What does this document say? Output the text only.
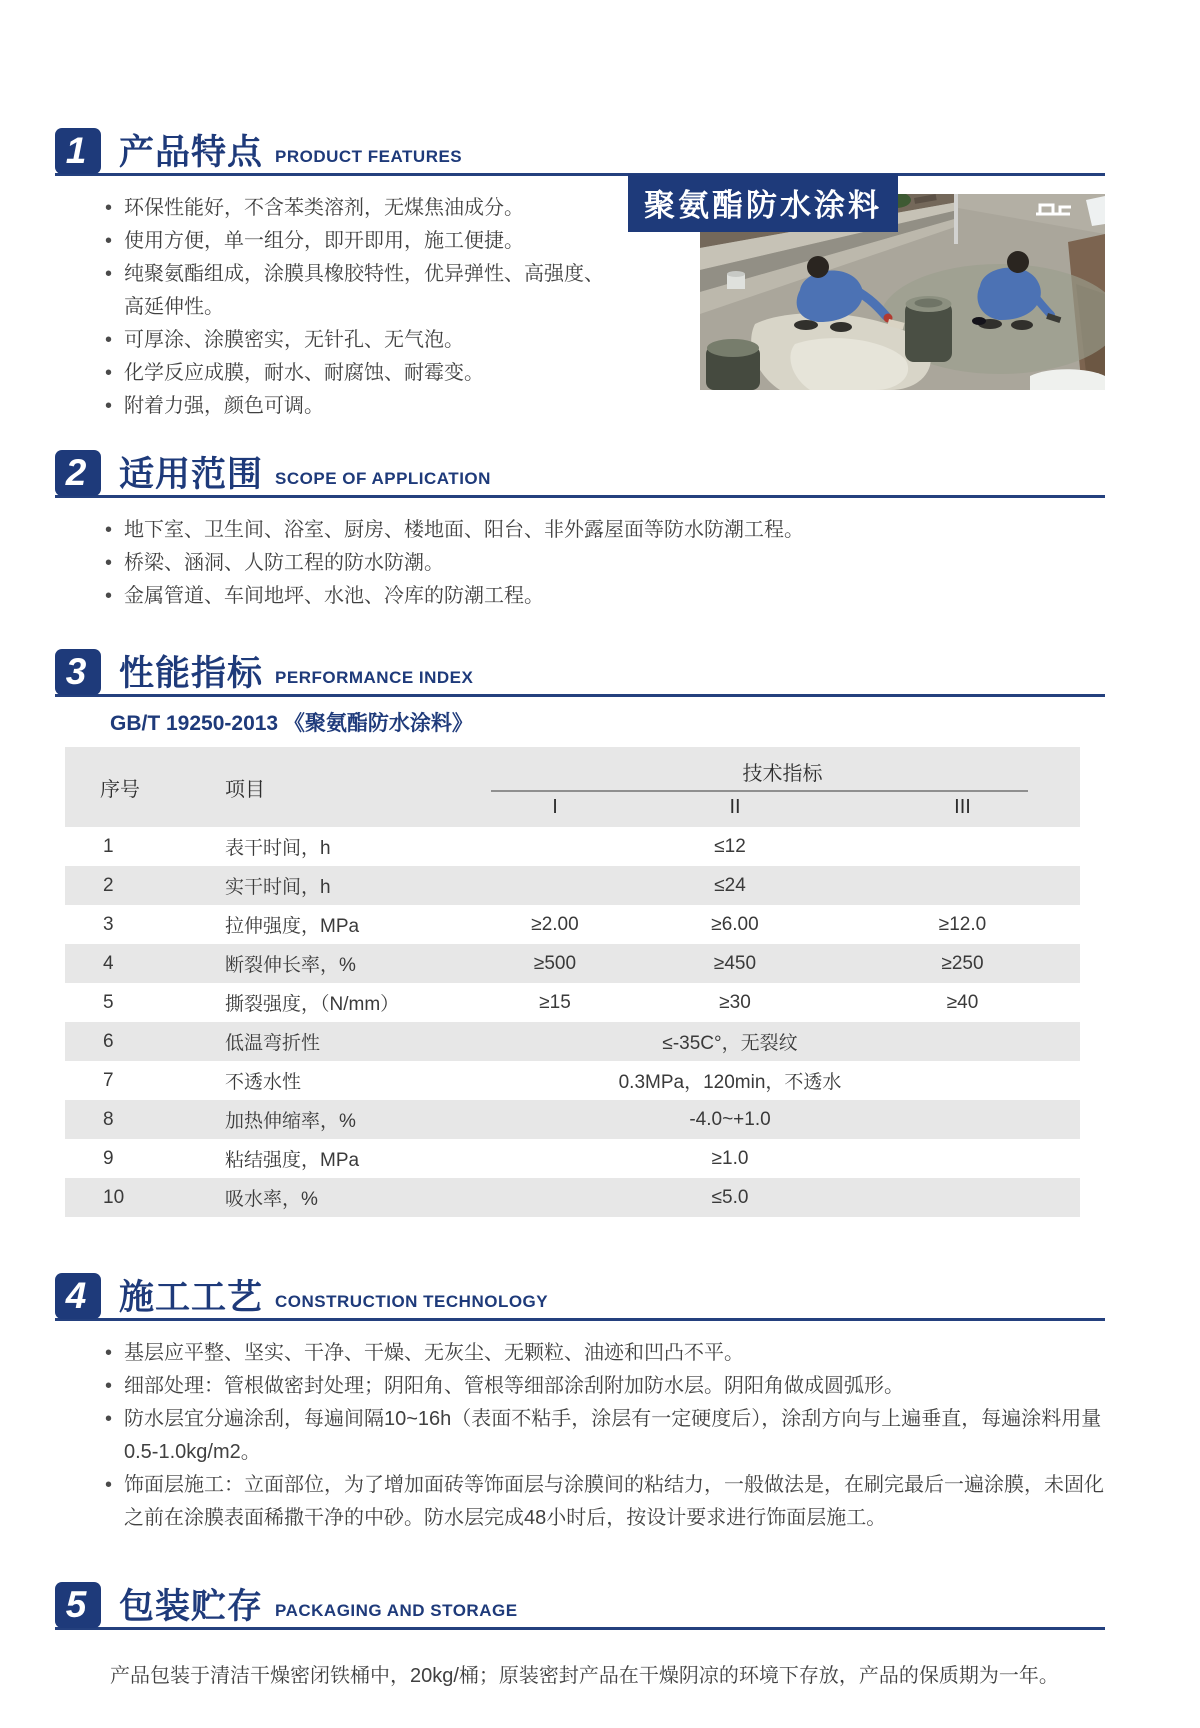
聚氨酯防水涂料
1 产品特点 PRODUCT FEATURES
• 环保性能好，不含苯类溶剂，无煤焦油成分。
• 使用方便，单一组分，即开即用，施工便捷。
• 纯聚氨酯组成，涂膜具橡胶特性，优异弹性、高强度、高延伸性。
• 可厚涂、涂膜密实，无针孔、无气泡。
• 化学反应成膜，耐水、耐腐蚀、耐霉变。
• 附着力强，颜色可调。
2 适用范围 SCOPE OF APPLICATION
• 地下室、卫生间、浴室、厨房、楼地面、阳台、非外露屋面等防水防潮工程。
• 桥梁、涵洞、人防工程的防水防潮。
• 金属管道、车间地坪、水池、冷库的防潮工程。
3 性能指标 PERFORMANCE INDEX
GB/T 19250-2013 《聚氨酯防水涂料》
序号	项目	技术指标		
		I	II	III
1	表干时间，h	≤12		
2	实干时间，h	≤24		
3	拉伸强度，MPa	≥2.00	≥6.00	≥12.0
4	断裂伸长率，%	≥500	≥450	≥250
5	撕裂强度，（N/mm）	≥15	≥30	≥40
6	低温弯折性	≤-35C°，无裂纹		
7	不透水性	0.3MPa，120min，不透水		
8	加热伸缩率，%	-4.0~+1.0		
9	粘结强度，MPa	≥1.0		
10	吸水率，%	≤5.0		
4 施工工艺 CONSTRUCTION TECHNOLOGY
• 基层应平整、坚实、干净、干燥、无灰尘、无颗粒、油迹和凹凸不平。
• 细部处理：管根做密封处理；阴阳角、管根等细部涂刮附加防水层。阴阳角做成圆弧形。
• 防水层宜分遍涂刮，每遍间隔10~16h（表面不粘手，涂层有一定硬度后），涂刮方向与上遍垂直，每遍涂料用量0.5-1.0kg/m2。
• 饰面层施工：立面部位，为了增加面砖等饰面层与涂膜间的粘结力，一般做法是，在刷完最后一遍涂膜，未固化之前在涂膜表面稀撒干净的中砂。防水层完成48小时后，按设计要求进行饰面层施工。
5 包装贮存 PACKAGING AND STORAGE
产品包装于清洁干燥密闭铁桶中，20kg/桶；原装密封产品在干燥阴凉的环境下存放，产品的保质期为一年。
